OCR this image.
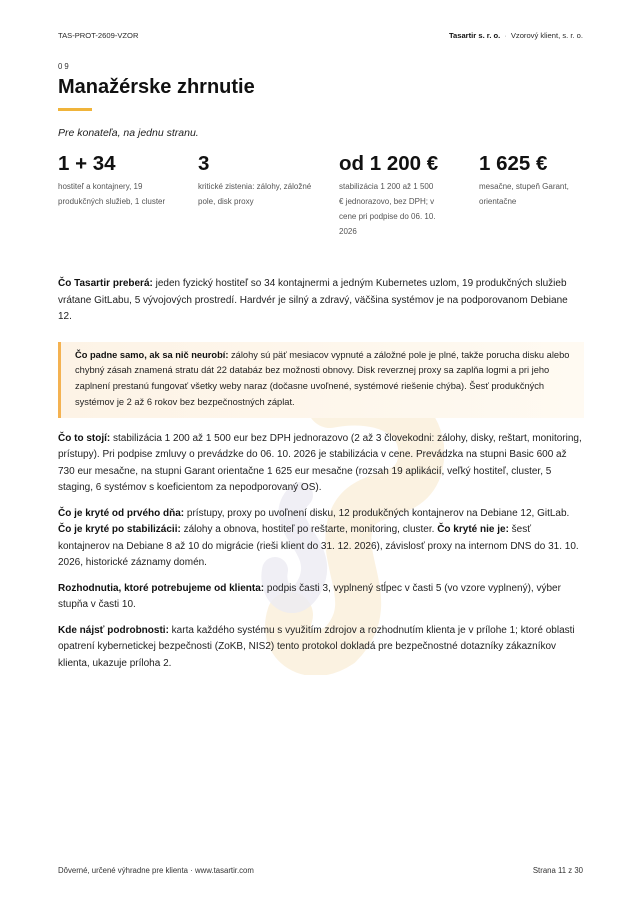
TAS-PROT-2609-VZOR	Tasartir s. r. o. · Vzorový klient, s. r. o.
09
Manažérske zhrnutie
Pre konateľa, na jednu stranu.
1 + 34
hostiteľ a kontajnery, 19 produkčných služieb, 1 cluster
3
kritické zistenia: zálohy, záložné pole, disk proxy
od 1 200 €
stabilizácia 1 200 až 1 500 € jednorazovo, bez DPH; v cene pri podpise do 06. 10. 2026
1 625 €
mesačne, stupeň Garant, orientačne

Čo Tasartir preberá: jeden fyzický hostiteľ so 34 kontajnermi a jedným Kubernetes uzlom, 19 produkčných služieb vrátane GitLabu, 5 vývojových prostredí. Hardvér je silný a zdravý, väčšina systémov je na podporovanom Debiane 12.

Čo padne samo, ak sa nič neurobí: zálohy sú päť mesiacov vypnuté a záložné pole je plné, takže porucha disku alebo chybný zásah znamená stratu dát 22 databáz bez možnosti obnovy. Disk reverznej proxy sa zaplňa logmi a pri jeho zaplnení prestanú fungovať všetky weby naraz (dočasne uvoľnené, systémové riešenie chýba). Šesť produkčných systémov je 2 až 6 rokov bez bezpečnostných záplat.

Čo to stojí: stabilizácia 1 200 až 1 500 eur bez DPH jednorazovo (2 až 3 človekodni: zálohy, disky, reštart, monitoring, prístupy). Pri podpise zmluvy o prevádzke do 06. 10. 2026 je stabilizácia v cene. Prevádzka na stupni Basic 600 až 730 eur mesačne, na stupni Garant orientačne 1 625 eur mesačne (rozsah 19 aplikácií, veľký hostiteľ, cluster, 5 staging, 6 systémov s koeficientom za nepodporovaný OS).

Čo je kryté od prvého dňa: prístupy, proxy po uvoľnení disku, 12 produkčných kontajnerov na Debiane 12, GitLab. Čo je kryté po stabilizácii: zálohy a obnova, hostiteľ po reštarte, monitoring, cluster. Čo kryté nie je: šesť kontajnerov na Debiane 8 až 10 do migrácie (rieši klient do 31. 12. 2026), závislosť proxy na internom DNS do 31. 10. 2026, historické záznamy domén.

Rozhodnutia, ktoré potrebujeme od klienta: podpis časti 3, vyplnený stĺpec v časti 5 (vo vzore vyplnený), výber stupňa v časti 10.

Kde nájsť podrobnosti: karta každého systému s využitím zdrojov a rozhodnutím klienta je v prílohe 1; ktoré oblasti opatrení kybernetickej bezpečnosti (ZoKB, NIS2) tento protokol dokladá pre bezpečnostné dotazníky zákazníkov klienta, ukazuje príloha 2.

Dôverné, určené výhradne pre klienta · www.tasartir.com	Strana 11 z 30
